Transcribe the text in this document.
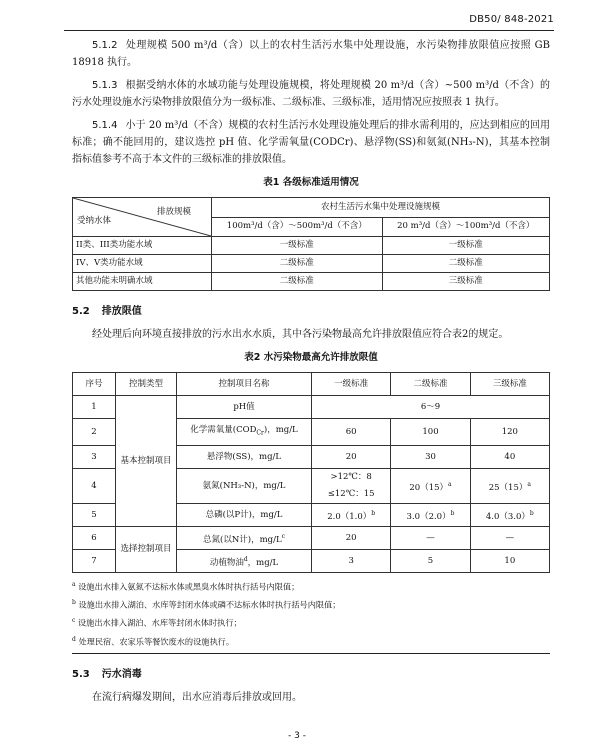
DB50/ 848-2021

5.1.2 处理规模 500 m³/d（含）以上的农村生活污水集中处理设施，水污染物排放限值应按照 GB 18918 执行。

5.1.3 根据受纳水体的水域功能与处理设施规模，将处理规模 20 m³/d（含）~500 m³/d（不含）的污水处理设施水污染物排放限值分为一级标准、二级标准、三级标准，适用情况应按照表 1 执行。

5.1.4 小于 20 m³/d（不含）规模的农村生活污水处理设施处理后的排水需利用的，应达到相应的回用标准；确不能回用的，建议选控 pH 值、化学需氧量(CODCr)、悬浮物(SS)和氨氮(NH₃-N)，其基本控制指标值参考不高于本文件的三级标准的排放限值。

表1 各级标准适用情况
排放规模
受纳水体	农村生活污水集中处理设施规模	
	100m³/d（含）～500m³/d（不含）	20 m³/d（含）～100m³/d（不含）
II类、III类功能水域	一级标准	一级标准
IV、V类功能水域	二级标准	二级标准
其他功能未明确水域	二级标准	三级标准
5.2 排放限值

经处理后向环境直接排放的污水出水水质，其中各污染物最高允许排放限值应符合表2的规定。

表2 水污染物最高允许排放限值
序号	控制类型	控制项目名称	一级标准	二级标准	三级标准
1	基本控制项目	pH值	6～9		
2		化学需氧量$(COD_{Cr})$，mg/L	60	100	120
3		悬浮物(SS)，mg/L	20	30	40
4		氨氮(NH₃-N)，mg/L	>12℃：8
≤12℃：15	$20(15)^a$	$25(15)^a$
5		总磷(以P计)，mg/L	$2.0(1.0)^b$	$3.0(2.0)^b$	$4.0(3.0)^b$
6	选择控制项目	总氮(以N计)，$mg/L^c$	20	—	—
7		动植物油$^d$，mg/L	3	5	10
$^a$ 设施出水排入氨氮不达标水体或黑臭水体时执行括号内限值；
$^b$ 设施出水排入湖泊、水库等封闭水体或磷不达标水体时执行括号内限值；
$^c$ 设施出水排入湖泊、水库等封闭水体时执行；
$^d$ 处理民宿、农家乐等餐饮废水的设施执行。
5.3 污水消毒

在流行病爆发期间，出水应消毒后排放或回用。

- 3 -
